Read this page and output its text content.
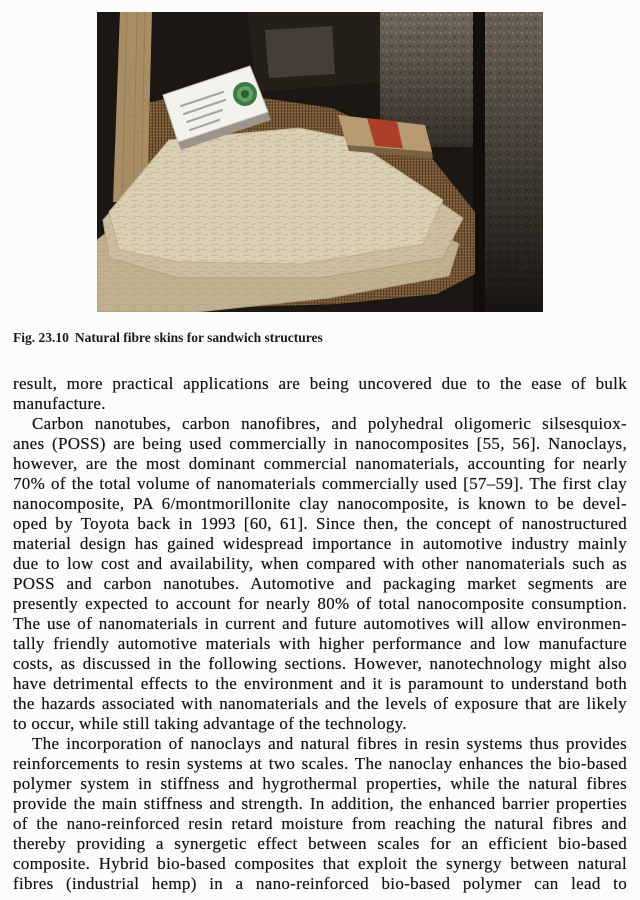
Fig. 23.10 Natural fibre skins for sandwich structures
result, more practical applications are being uncovered due to the ease of bulk
manufacture.
Carbon nanotubes, carbon nanofibres, and polyhedral oligomeric silsesquiox-
anes (POSS) are being used commercially in nanocomposites [55, 56]. Nanoclays,
however, are the most dominant commercial nanomaterials, accounting for nearly
70% of the total volume of nanomaterials commercially used [57–59]. The first clay
nanocomposite, PA 6/montmorillonite clay nanocomposite, is known to be devel-
oped by Toyota back in 1993 [60, 61]. Since then, the concept of nanostructured
material design has gained widespread importance in automotive industry mainly
due to low cost and availability, when compared with other nanomaterials such as
POSS and carbon nanotubes. Automotive and packaging market segments are
presently expected to account for nearly 80% of total nanocomposite consumption.
The use of nanomaterials in current and future automotives will allow environmen-
tally friendly automotive materials with higher performance and low manufacture
costs, as discussed in the following sections. However, nanotechnology might also
have detrimental effects to the environment and it is paramount to understand both
the hazards associated with nanomaterials and the levels of exposure that are likely
to occur, while still taking advantage of the technology.
The incorporation of nanoclays and natural fibres in resin systems thus provides
reinforcements to resin systems at two scales. The nanoclay enhances the bio-based
polymer system in stiffness and hygrothermal properties, while the natural fibres
provide the main stiffness and strength. In addition, the enhanced barrier properties
of the nano-reinforced resin retard moisture from reaching the natural fibres and
thereby providing a synergetic effect between scales for an efficient bio-based
composite. Hybrid bio-based composites that exploit the synergy between natural
fibres (industrial hemp) in a nano-reinforced bio-based polymer can lead to
